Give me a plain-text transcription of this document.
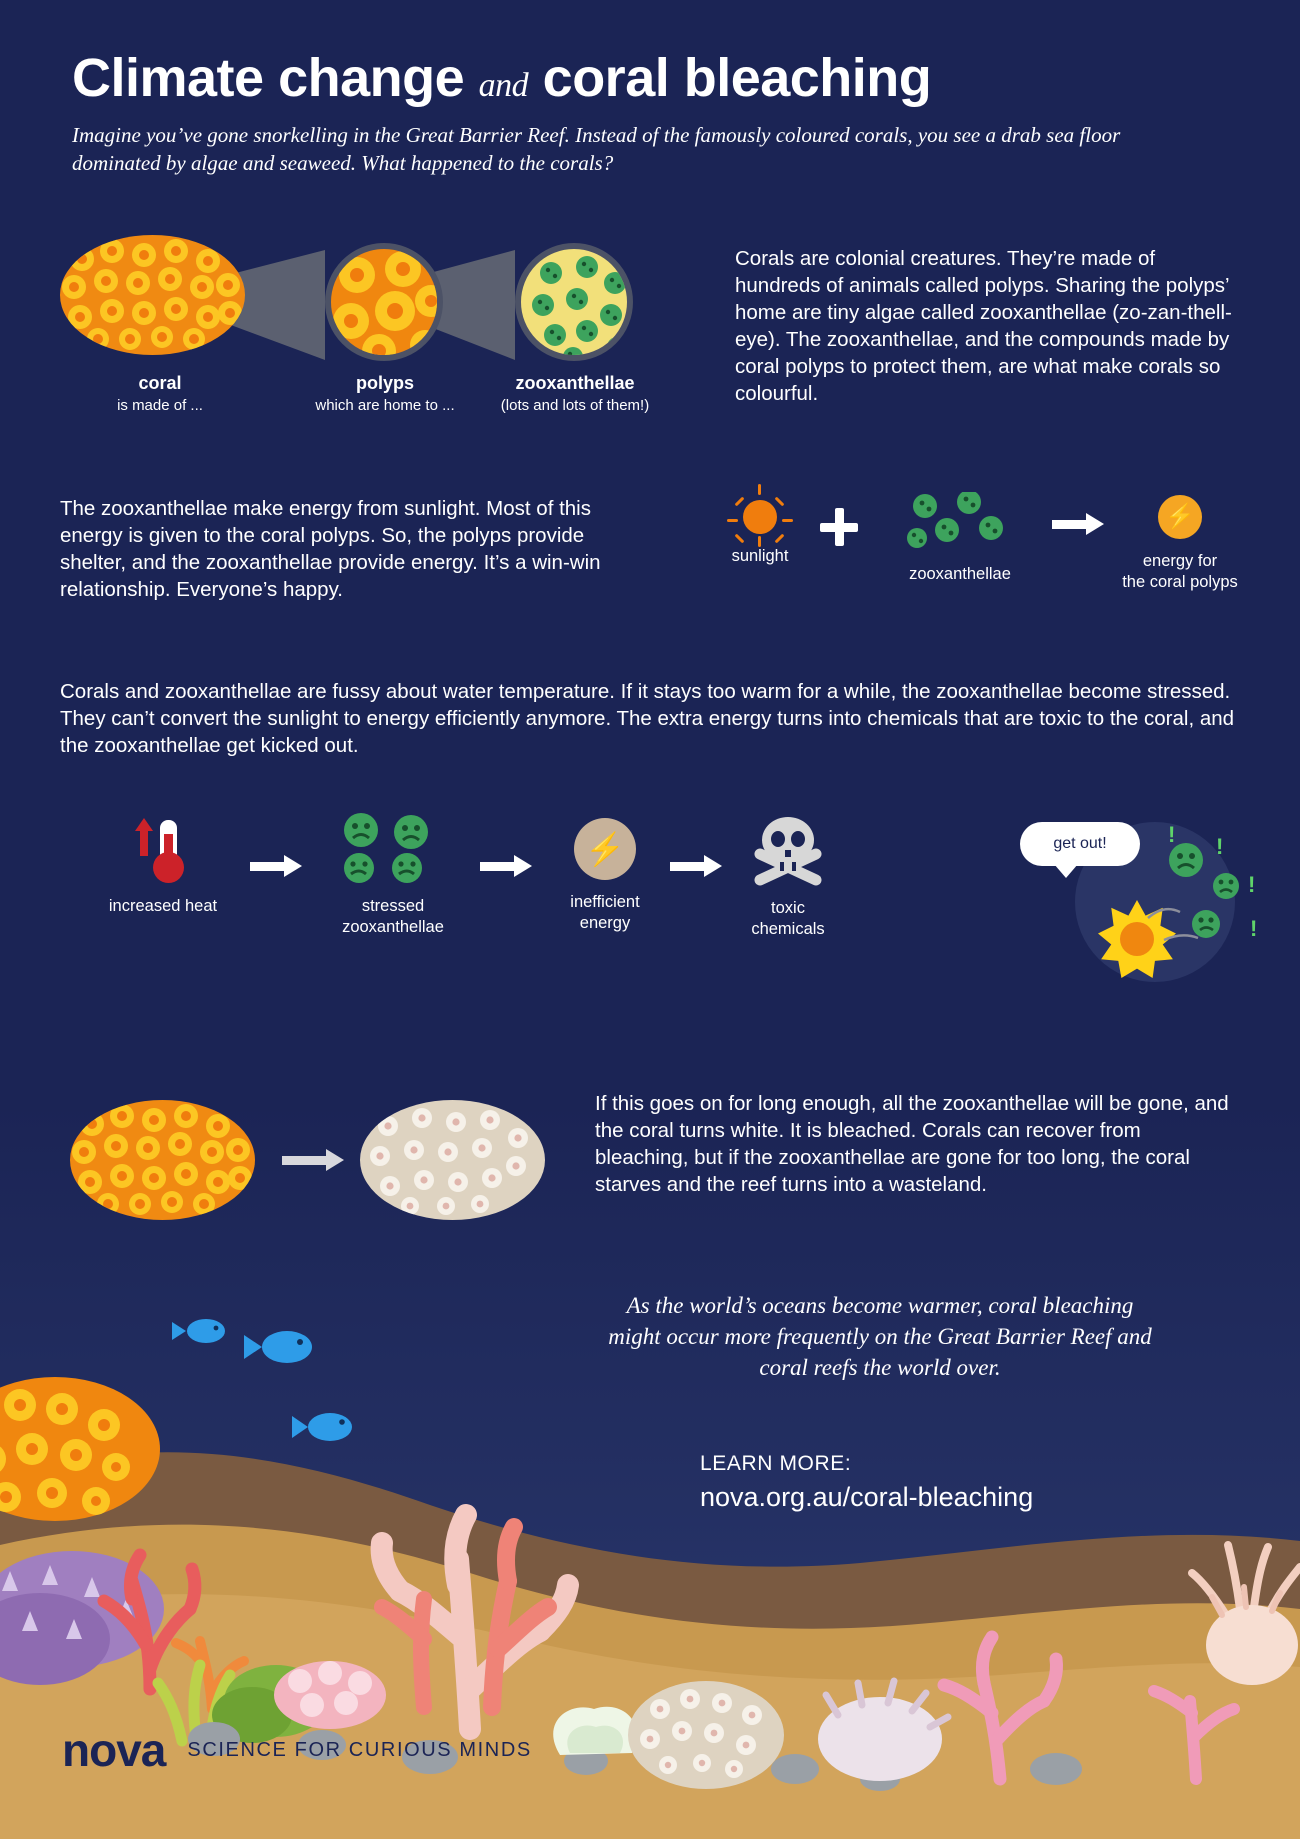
Climate change and coral bleaching
Imagine you’ve gone snorkelling in the Great Barrier Reef. Instead of the famously coloured corals, you see a drab sea floor dominated by algae and seaweed. What happened to the corals?
coral
is made of ...
polyps
which are home to ...
zooxanthellae
(lots and lots of them!)
Corals are colonial creatures. They’re made of hundreds of animals called polyps. Sharing the polyps’ home are tiny algae called zooxanthellae (zo-zan-thell-eye). The zooxanthellae, and the compounds made by coral polyps to protect them, are what make corals so colourful.
The zooxanthellae make energy from sunlight. Most of this energy is given to the coral polyps. So, the polyps provide shelter, and the zooxanthellae provide energy. It’s a win-win relationship. Everyone’s happy.
sunlight
zooxanthellae
⚡
energy for
the coral polyps
Corals and zooxanthellae are fussy about water temperature. If it stays too warm for a while, the zooxanthellae become stressed. They can’t convert the sunlight to energy efficiently anymore. The extra energy turns into chemicals that are toxic to the coral, and the zooxanthellae get kicked out.
increased heat	stressed
zooxanthellae
⚡
inefficient
energy
toxic
chemicals
! !
!
!
get out!
If this goes on for long enough, all the zooxanthellae will be gone, and the coral turns white. It is bleached. Corals can recover from bleaching, but if the zooxanthellae are gone for too long, the coral starves and the reef turns into a wasteland.
As the world’s oceans become warmer, coral bleaching might occur more frequently on the Great Barrier Reef and coral reefs the world over.
LEARN MORE:
nova.org.au/coral-bleaching
nova SCIENCE FOR CURIOUS MINDS
